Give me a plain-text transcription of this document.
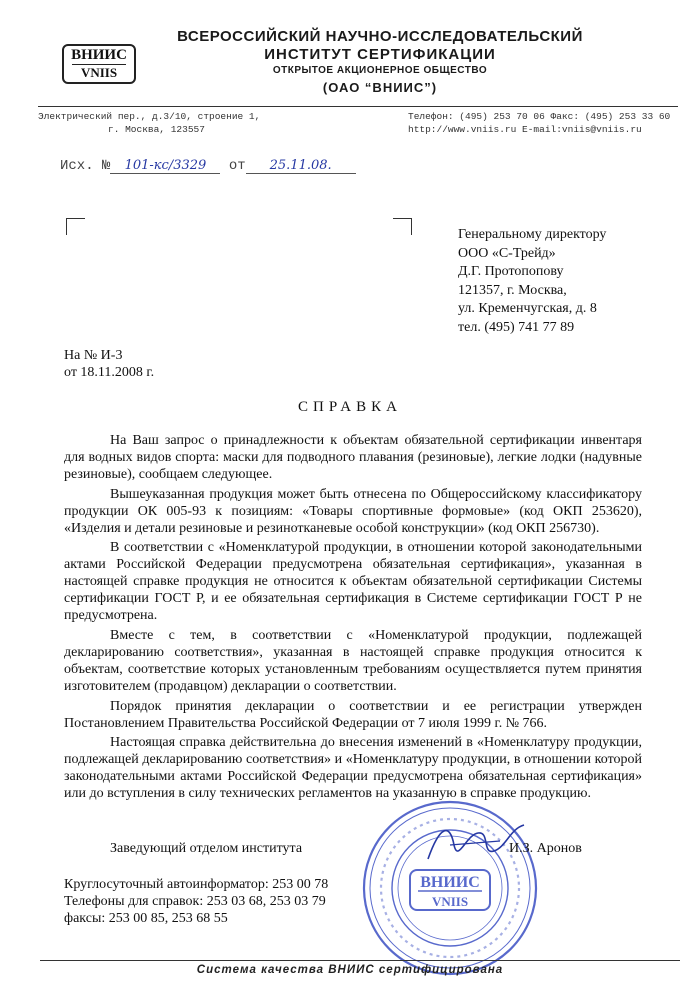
ВНИИС
VNIIS
ВСЕРОССИЙСКИЙ НАУЧНО-ИССЛЕДОВАТЕЛЬСКИЙ
ИНСТИТУТ СЕРТИФИКАЦИИ
ОТКРЫТОЕ АКЦИОНЕРНОЕ ОБЩЕСТВО
(ОАО “ВНИИС”)
Электрический пер., д.3/10, строение 1,
г. Москва, 123557
Телефон: (495) 253 70 06 Факс: (495) 253 33 60
http://www.vniis.ru E-mail:vniis@vniis.ru
Исх. № 101-кс/3329 от 25.11.08.
Генеральному директору
ООО «С-Трейд»
Д.Г. Протопопову
121357, г. Москва,
ул. Кременчугская, д. 8
тел. (495) 741 77 89
На № И-3
от 18.11.2008 г.
СПРАВКА

На Ваш запрос о принадлежности к объектам обязательной сертификации инвентаря для водных видов спорта: маски для подводного плавания (резиновые), легкие лодки (надувные резиновые), сообщаем следующее.

Вышеуказанная продукция может быть отнесена по Общероссийскому классификатору продукции ОК 005-93 к позициям: «Товары спортивные формовые» (код ОКП 253620), «Изделия и детали резиновые и резинотканевые особой конструкции» (код ОКП 256730).

В соответствии с «Номенклатурой продукции, в отношении которой законодательными актами Российской Федерации предусмотрена обязательная сертификация», указанная в настоящей справке продукция не относится к объектам обязательной сертификации Системы сертификации ГОСТ Р, и ее обязательная сертификация в Системе сертификации ГОСТ Р не предусмотрена.

Вместе с тем, в соответствии с «Номенклатурой продукции, подлежащей декларированию соответствия», указанная в настоящей справке продукция относится к объектам, соответствие которых установленным требованиям осуществляется путем принятия изготовителем (продавцом) декларации о соответствии.

Порядок принятия декларации о соответствии и ее регистрации утвержден Постановлением Правительства Российской Федерации от 7 июля 1999 г. № 766.

Настоящая справка действительна до внесения изменений в «Номенклатуру продукции, подлежащей декларированию соответствия» и «Номенклатуру продукции, в отношении которой законодательными актами Российской Федерации предусмотрена обязательная сертификация» или до вступления в силу технических регламентов на указанную в справке продукцию.

ВНИИС
VNIIS
Заведующий отделом института	И.З. Аронов
Круглосуточный автоинформатор: 253 00 78
Телефоны для справок: 253 03 68, 253 03 79
факсы: 253 00 85, 253 68 55
Система качества ВНИИС сертифицирована
